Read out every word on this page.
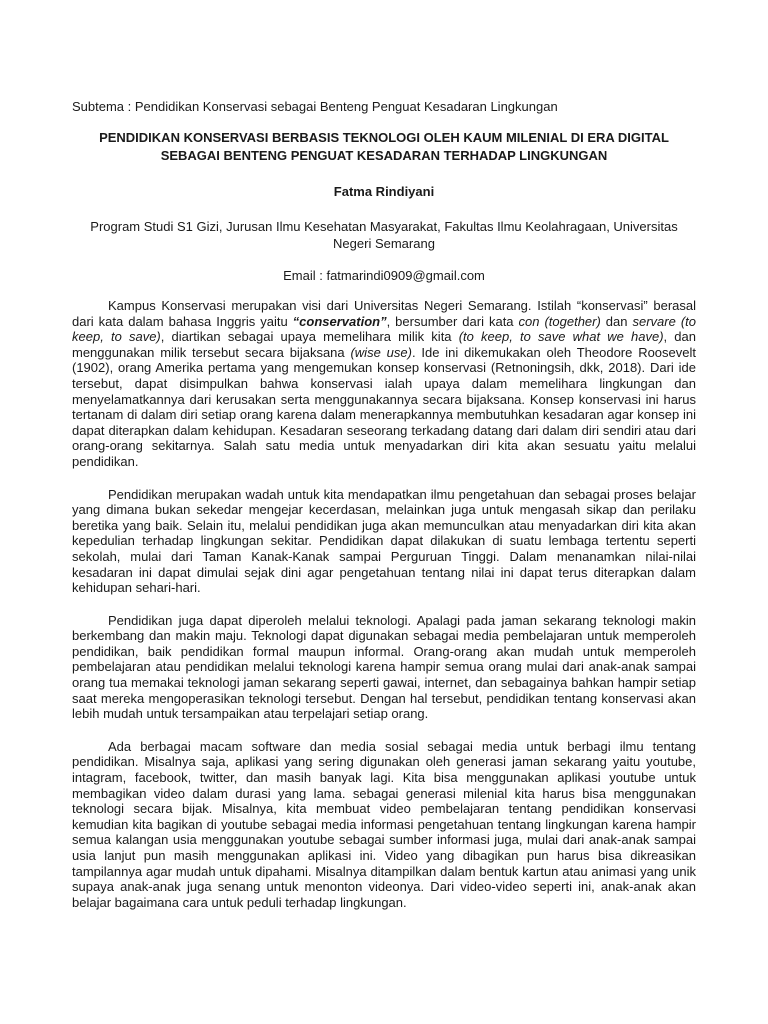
Subtema : Pendidikan Konservasi sebagai Benteng Penguat Kesadaran Lingkungan
PENDIDIKAN KONSERVASI BERBASIS TEKNOLOGI OLEH KAUM MILENIAL DI ERA DIGITAL
SEBAGAI BENTENG PENGUAT KESADARAN TERHADAP LINGKUNGAN
Fatma Rindiyani
Program Studi S1 Gizi, Jurusan Ilmu Kesehatan Masyarakat, Fakultas Ilmu Keolahragaan, Universitas Negeri Semarang
Email : fatmarindi0909@gmail.com

Kampus Konservasi merupakan visi dari Universitas Negeri Semarang. Istilah “konservasi” berasal dari kata dalam bahasa Inggris yaitu “conservation”, bersumber dari kata con (together) dan servare (to keep, to save), diartikan sebagai upaya memelihara milik kita (to keep, to save what we have), dan menggunakan milik tersebut secara bijaksana (wise use). Ide ini dikemukakan oleh Theodore Roosevelt (1902), orang Amerika pertama yang mengemukan konsep konservasi (Retnoningsih, dkk, 2018). Dari ide tersebut, dapat disimpulkan bahwa konservasi ialah upaya dalam memelihara lingkungan dan menyelamatkannya dari kerusakan serta menggunakannya secara bijaksana. Konsep konservasi ini harus tertanam di dalam diri setiap orang karena dalam menerapkannya membutuhkan kesadaran agar konsep ini dapat diterapkan dalam kehidupan. Kesadaran seseorang terkadang datang dari dalam diri sendiri atau dari orang-orang sekitarnya. Salah satu media untuk menyadarkan diri kita akan sesuatu yaitu melalui pendidikan.

Pendidikan merupakan wadah untuk kita mendapatkan ilmu pengetahuan dan sebagai proses belajar yang dimana bukan sekedar mengejar kecerdasan, melainkan juga untuk mengasah sikap dan perilaku beretika yang baik. Selain itu, melalui pendidikan juga akan memunculkan atau menyadarkan diri kita akan kepedulian terhadap lingkungan sekitar. Pendidikan dapat dilakukan di suatu lembaga tertentu seperti sekolah, mulai dari Taman Kanak-Kanak sampai Perguruan Tinggi. Dalam menanamkan nilai-nilai kesadaran ini dapat dimulai sejak dini agar pengetahuan tentang nilai ini dapat terus diterapkan dalam kehidupan sehari-hari.

Pendidikan juga dapat diperoleh melalui teknologi. Apalagi pada jaman sekarang teknologi makin berkembang dan makin maju. Teknologi dapat digunakan sebagai media pembelajaran untuk memperoleh pendidikan, baik pendidikan formal maupun informal. Orang-orang akan mudah untuk memperoleh pembelajaran atau pendidikan melalui teknologi karena hampir semua orang mulai dari anak-anak sampai orang tua memakai teknologi jaman sekarang seperti gawai, internet, dan sebagainya bahkan hampir setiap saat mereka mengoperasikan teknologi tersebut. Dengan hal tersebut, pendidikan tentang konservasi akan lebih mudah untuk tersampaikan atau terpelajari setiap orang.

Ada berbagai macam software dan media sosial sebagai media untuk berbagi ilmu tentang pendidikan. Misalnya saja, aplikasi yang sering digunakan oleh generasi jaman sekarang yaitu youtube, intagram, facebook, twitter, dan masih banyak lagi. Kita bisa menggunakan aplikasi youtube untuk membagikan video dalam durasi yang lama. sebagai generasi milenial kita harus bisa menggunakan teknologi secara bijak. Misalnya, kita membuat video pembelajaran tentang pendidikan konservasi kemudian kita bagikan di youtube sebagai media informasi pengetahuan tentang lingkungan karena hampir semua kalangan usia menggunakan youtube sebagai sumber informasi juga, mulai dari anak-anak sampai usia lanjut pun masih menggunakan aplikasi ini. Video yang dibagikan pun harus bisa dikreasikan tampilannya agar mudah untuk dipahami. Misalnya ditampilkan dalam bentuk kartun atau animasi yang unik supaya anak-anak juga senang untuk menonton videonya. Dari video-video seperti ini, anak-anak akan belajar bagaimana cara untuk peduli terhadap lingkungan.
